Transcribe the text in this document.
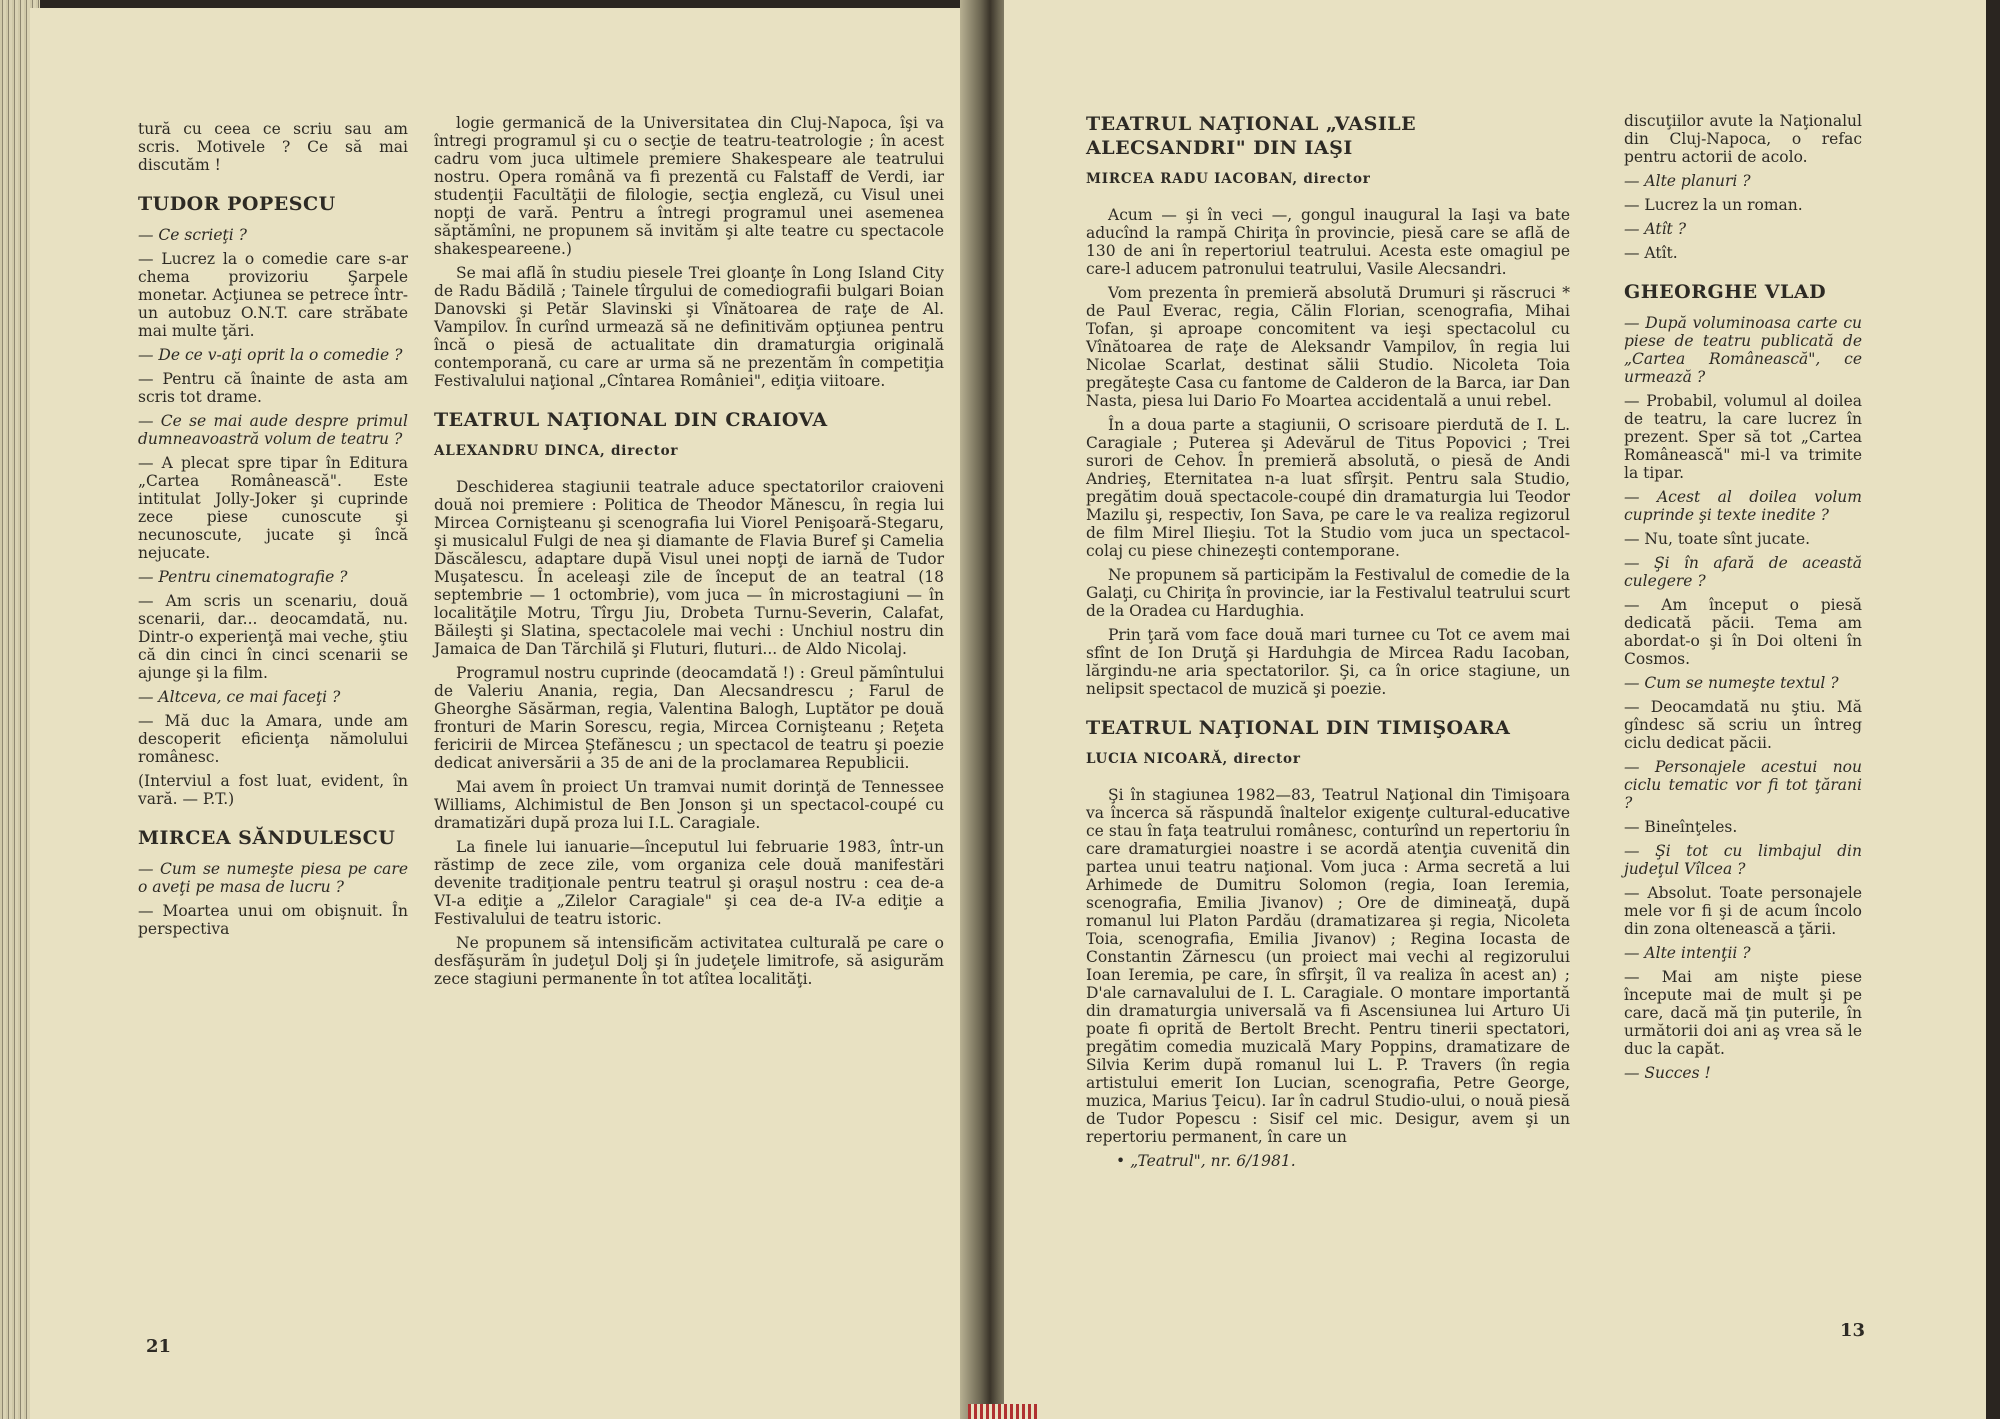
tură cu ceea ce scriu sau am scris. Motivele ? Ce să mai discutăm !

TUDOR POPESCU

— Ce scrieţi ?

— Lucrez la o comedie care s-ar chema provizoriu Şarpele monetar. Acţiunea se petrece într-un autobuz O.N.T. care străbate mai multe ţări.

— De ce v-aţi oprit la o comedie ?

— Pentru că înainte de asta am scris tot drame.

— Ce se mai aude despre primul dumneavoastră volum de teatru ?

— A plecat spre tipar în Editura „Cartea Românească". Este intitulat Jolly-Joker şi cuprinde zece piese cunoscute şi necunoscute, jucate şi încă nejucate.

— Pentru cinematografie ?

— Am scris un scenariu, două scenarii, dar... deocamdată, nu. Dintr-o experienţă mai veche, ştiu că din cinci în cinci scenarii se ajunge şi la film.

— Altceva, ce mai faceţi ?

— Mă duc la Amara, unde am descoperit eficienţa nămolului românesc.

(Interviul a fost luat, evident, în vară. — P.T.)

MIRCEA SĂNDULESCU

— Cum se numeşte piesa pe care o aveţi pe masa de lucru ?

— Moartea unui om obişnuit. În perspectiva

logie germanică de la Universitatea din Cluj-Napoca, îşi va întregi programul şi cu o secţie de teatru-teatrologie ; în acest cadru vom juca ultimele premiere Shakespeare ale teatrului nostru. Opera română va fi prezentă cu Falstaff de Verdi, iar studenţii Facultăţii de filologie, secţia engleză, cu Visul unei nopţi de vară. Pentru a întregi programul unei asemenea săptămîni, ne propunem să invităm şi alte teatre cu spectacole shakespeareene.)

Se mai află în studiu piesele Trei gloanţe în Long Island City de Radu Bădilă ; Tainele tîrgului de comediografii bulgari Boian Danovski şi Petăr Slavinski şi Vînătoarea de raţe de Al. Vampilov. În curînd urmează să ne definitivăm opţiunea pentru încă o piesă de actualitate din dramaturgia originală contemporană, cu care ar urma să ne prezentăm în competiţia Festivalului naţional „Cîntarea României", ediţia viitoare.

TEATRUL NAŢIONAL DIN CRAIOVA
ALEXANDRU DINCA, director

Deschiderea stagiunii teatrale aduce spectatorilor craioveni două noi premiere : Politica de Theodor Mănescu, în regia lui Mircea Cornişteanu şi scenografia lui Viorel Penişoară-Stegaru, şi musicalul Fulgi de nea şi diamante de Flavia Buref şi Camelia Dăscălescu, adaptare după Visul unei nopţi de iarnă de Tudor Muşatescu. În aceleaşi zile de început de an teatral (18 septembrie — 1 octombrie), vom juca — în microstagiuni — în localităţile Motru, Tîrgu Jiu, Drobeta Turnu-Severin, Calafat, Băileşti şi Slatina, spectacolele mai vechi : Unchiul nostru din Jamaica de Dan Tărchilă şi Fluturi, fluturi... de Aldo Nicolaj.

Programul nostru cuprinde (deocamdată !) : Greul pămîntului de Valeriu Anania, regia, Dan Alecsandrescu ; Farul de Gheorghe Săsărman, regia, Valentina Balogh, Luptător pe două fronturi de Marin Sorescu, regia, Mircea Cornişteanu ; Reţeta fericirii de Mircea Ştefănescu ; un spectacol de teatru şi poezie dedicat aniversării a 35 de ani de la proclamarea Republicii.

Mai avem în proiect Un tramvai numit dorinţă de Tennessee Williams, Alchimistul de Ben Jonson şi un spectacol-coupé cu dramatizări după proza lui I.L. Caragiale.

La finele lui ianuarie—începutul lui februarie 1983, într-un răstimp de zece zile, vom organiza cele două manifestări devenite tradiţionale pentru teatrul şi oraşul nostru : cea de-a VI-a ediţie a „Zilelor Caragiale" şi cea de-a IV-a ediţie a Festivalului de teatru istoric.

Ne propunem să intensificăm activitatea culturală pe care o desfăşurăm în judeţul Dolj şi în judeţele limitrofe, să asigurăm zece stagiuni permanente în tot atîtea localităţi.

21
TEATRUL NAŢIONAL „VASILE ALECSANDRI" DIN IAŞI
MIRCEA RADU IACOBAN, director

Acum — şi în veci —, gongul inaugural la Iaşi va bate aducînd la rampă Chiriţa în provincie, piesă care se află de 130 de ani în repertoriul teatrului. Acesta este omagiul pe care-l aducem patronului teatrului, Vasile Alecsandri.

Vom prezenta în premieră absolută Drumuri şi răscruci * de Paul Everac, regia, Călin Florian, scenografia, Mihai Tofan, şi aproape concomitent va ieşi spectacolul cu Vînătoarea de raţe de Aleksandr Vampilov, în regia lui Nicolae Scarlat, destinat sălii Studio. Nicoleta Toia pregăteşte Casa cu fantome de Calderon de la Barca, iar Dan Nasta, piesa lui Dario Fo Moartea accidentală a unui rebel.

În a doua parte a stagiunii, O scrisoare pierdută de I. L. Caragiale ; Puterea şi Adevărul de Titus Popovici ; Trei surori de Cehov. În premieră absolută, o piesă de Andi Andrieş, Eternitatea n-a luat sfîrşit. Pentru sala Studio, pregătim două spectacole-coupé din dramaturgia lui Teodor Mazilu şi, respectiv, Ion Sava, pe care le va realiza regizorul de film Mirel Ilieşiu. Tot la Studio vom juca un spectacol-colaj cu piese chinezeşti contemporane.

Ne propunem să participăm la Festivalul de comedie de la Galaţi, cu Chiriţa în provincie, iar la Festivalul teatrului scurt de la Oradea cu Hardughia.

Prin ţară vom face două mari turnee cu Tot ce avem mai sfînt de Ion Druţă şi Harduhgia de Mircea Radu Iacoban, lărgindu-ne aria spectatorilor. Şi, ca în orice stagiune, un nelipsit spectacol de muzică şi poezie.

TEATRUL NAŢIONAL DIN TIMIŞOARA
LUCIA NICOARĂ, director

Şi în stagiunea 1982—83, Teatrul Naţional din Timişoara va încerca să răspundă înaltelor exigenţe cultural-educative ce stau în faţa teatrului românesc, conturînd un repertoriu în care dramaturgiei noastre i se acordă atenţia cuvenită din partea unui teatru naţional. Vom juca : Arma secretă a lui Arhimede de Dumitru Solomon (regia, Ioan Ieremia, scenografia, Emilia Jivanov) ; Ore de dimineaţă, după romanul lui Platon Pardău (dramatizarea şi regia, Nicoleta Toia, scenografia, Emilia Jivanov) ; Regina Iocasta de Constantin Zărnescu (un proiect mai vechi al regizorului Ioan Ieremia, pe care, în sfîrşit, îl va realiza în acest an) ; D'ale carnavalului de I. L. Caragiale. O montare importantă din dramaturgia universală va fi Ascensiunea lui Arturo Ui poate fi oprită de Bertolt Brecht. Pentru tinerii spectatori, pregătim comedia muzicală Mary Poppins, dramatizare de Silvia Kerim după romanul lui L. P. Travers (în regia artistului emerit Ion Lucian, scenografia, Petre George, muzica, Marius Ţeicu). Iar în cadrul Studio-ului, o nouă piesă de Tudor Popescu : Sisif cel mic. Desigur, avem şi un repertoriu permanent, în care un

• „Teatrul", nr. 6/1981.

discuţiilor avute la Naţionalul din Cluj-Napoca, o refac pentru actorii de acolo.

— Alte planuri ?

— Lucrez la un roman.

— Atît ?

— Atît.

GHEORGHE VLAD

— După voluminoasa carte cu piese de teatru publicată de „Cartea Românească", ce urmează ?

— Probabil, volumul al doilea de teatru, la care lucrez în prezent. Sper să tot „Cartea Românească" mi-l va trimite la tipar.

— Acest al doilea volum cuprinde şi texte inedite ?

— Nu, toate sînt jucate.

— Şi în afară de această culegere ?

— Am început o piesă dedicată păcii. Tema am abordat-o şi în Doi olteni în Cosmos.

— Cum se numeşte textul ?

— Deocamdată nu ştiu. Mă gîndesc să scriu un întreg ciclu dedicat păcii.

— Personajele acestui nou ciclu tematic vor fi tot ţărani ?

— Bineînţeles.

— Şi tot cu limbajul din judeţul Vîlcea ?

— Absolut. Toate personajele mele vor fi şi de acum încolo din zona oltenească a ţării.

— Alte intenţii ?

— Mai am nişte piese începute mai de mult şi pe care, dacă mă ţin puterile, în următorii doi ani aş vrea să le duc la capăt.

— Succes !

13
